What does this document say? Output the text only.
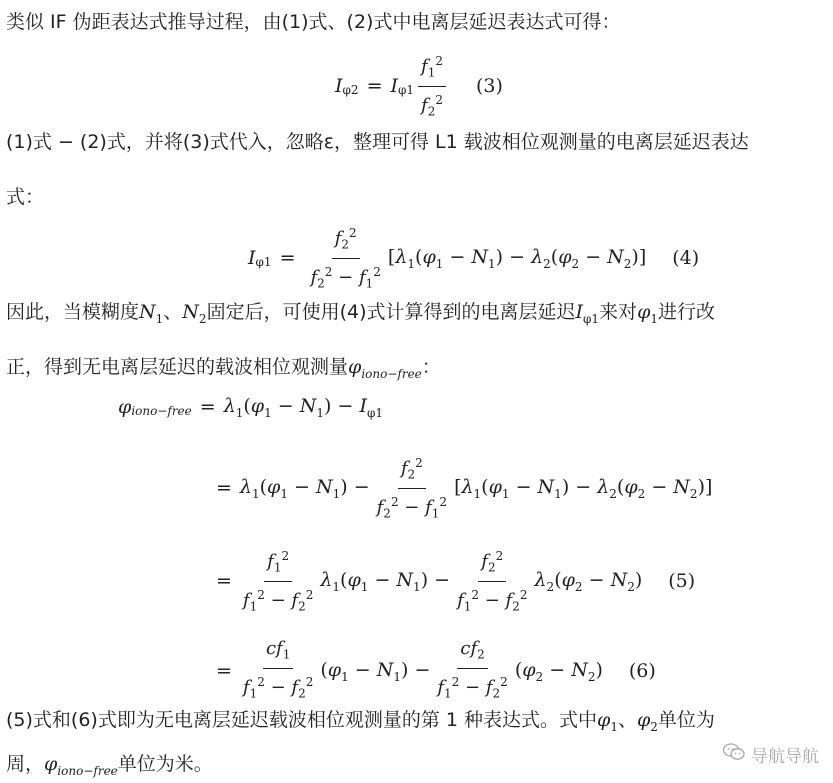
类似 IF 伪距表达式推导过程，由(1)式、(2)式中电离层延迟表达式可得：
$I_{\varphi 2} = I_{\varphi 1} \frac{f_1^2}{f_2^2} (3)$
(1)式 − (2)式，并将(3)式代入，忽略ε，整理可得 L1 载波相位观测量的电离层延迟表达
式：
$I_{\varphi 1} = \frac{f_2^2}{f_2^2 - f_1^2} [\lambda_1(\varphi_1 - N_1) - \lambda_2(\varphi_2 - N_2)]$ (4)
因此，当模糊度$N_1$、$N_2$固定后，可使用(4)式计算得到的电离层延迟$I_{\varphi 1}$来对$\varphi_1$进行改
正，得到无电离层延迟的载波相位观测量$\varphi_{iono-free}$：
$\varphi_{iono-free} = \lambda_1(\varphi_1 - N_1) - I_{\varphi 1}$
= $\lambda_1(\varphi_1 - N_1) - \frac{f_2^2}{f_2^2 - f_1^2} [\lambda_1(\varphi_1 - N_1) - \lambda_2(\varphi_2 - N_2)]$
= $\frac{f_1^2}{f_1^2 - f_2^2} \lambda_1(\varphi_1 - N_1) - \frac{f_2^2}{f_1^2 - f_2^2} \lambda_2(\varphi_2 - N_2)$ (5)
= $\frac{cf_1}{f_1^2 - f_2^2} (\varphi_1 - N_1) - \frac{cf_2}{f_1^2 - f_2^2} (\varphi_2 - N_2)$ (6)
(5)式和(6)式即为无电离层延迟载波相位观测量的第 1 种表达式。式中$\varphi_1$、$\varphi_2$单位为
周，$\varphi_{iono-free}$单位为米。	导航导航
